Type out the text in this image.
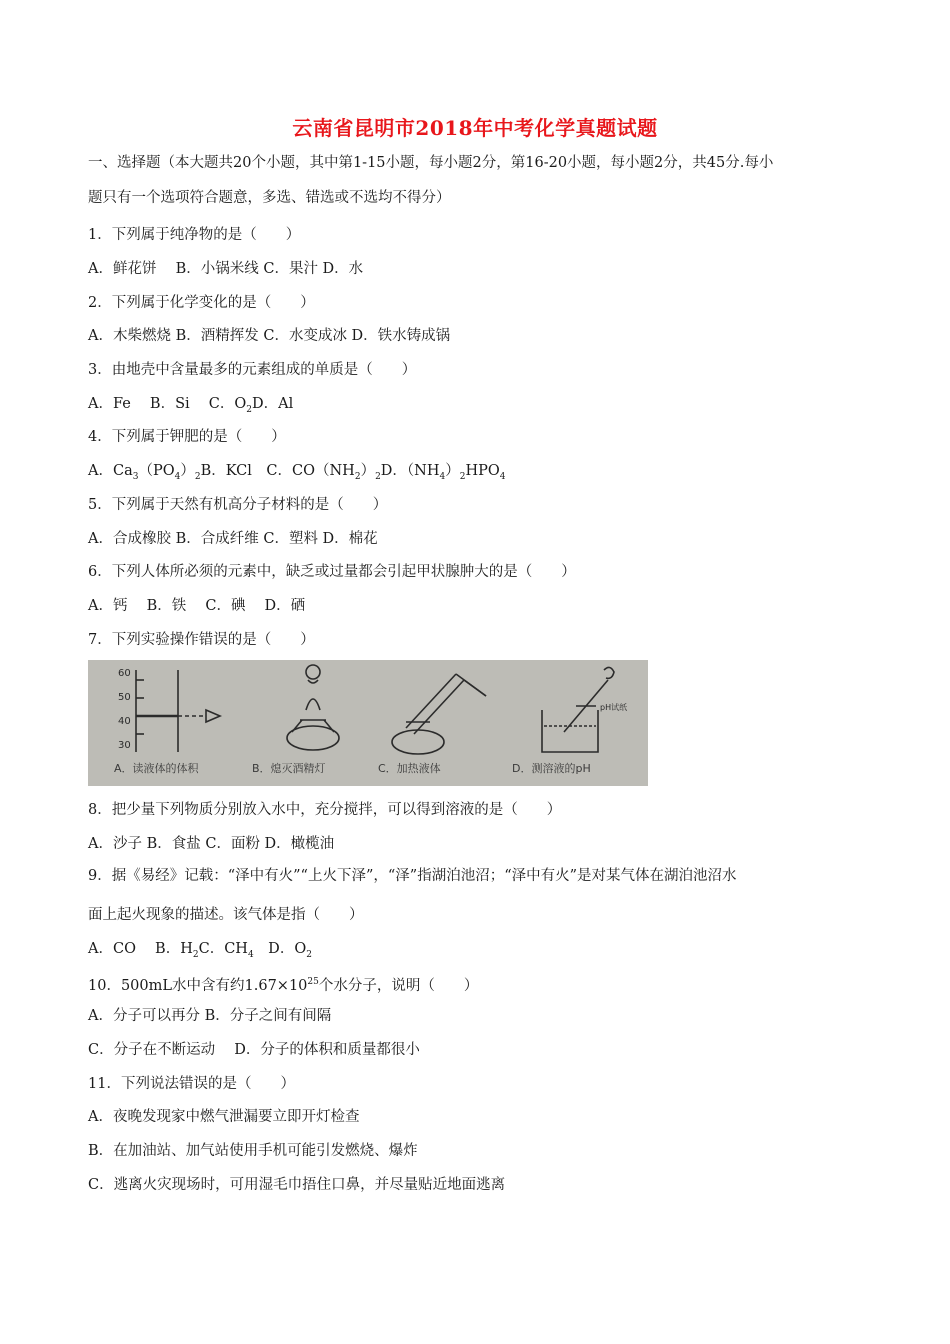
云南省昆明市2018年中考化学真题试题
一、选择题（本大题共20个小题，其中第1-15小题，每小题2分，第16-20小题，每小题2分，共45分.每小
题只有一个选项符合题意，多选、错选或不选均不得分）
1．下列属于纯净物的是（　　）
A．鲜花饼　 B．小锅米线 C．果汁 D．水
2．下列属于化学变化的是（　　）
A．木柴燃烧 B．酒精挥发 C．水变成冰 D．铁水铸成锅
3．由地壳中含量最多的元素组成的单质是（　　）
A．Fe　 B．Si　 C．$O_2D$．Al
4．下列属于钾肥的是（　　）
A．$Ca_3(PO_4)_2B$．KCl　C．$CO(NH_2)_2D$．$(NH_4)_2HPO_4$
5．下列属于天然有机高分子材料的是（　　）
A．合成橡胶 B．合成纤维 C．塑料 D．棉花
6．下列人体所必须的元素中，缺乏或过量都会引起甲状腺肿大的是（　　）
A．钙　 B．铁　 C．碘　 D．硒
7．下列实验操作错误的是（　　）
60
50
40
30
pH试纸
A．读液体的体积	B．熄灭酒精灯	C．加热液体	D．测溶液的pH
8．把少量下列物质分别放入水中，充分搅拌，可以得到溶液的是（　　）
A．沙子 B．食盐 C．面粉 D．橄榄油
9．据《易经》记载：“泽中有火”“上火下泽”，“泽”指湖泊池沼；“泽中有火”是对某气体在湖泊池沼水
面上起火现象的描述。该气体是指（　　）
A．CO　 B．$H_2C$．$CH_4$　D．$O_2$
10．500mL水中含有约$1.67\times 10^{25}$个水分子，说明（　　）
A．分子可以再分 B．分子之间有间隔
C．分子在不断运动　 D．分子的体积和质量都很小
11．下列说法错误的是（　　）
A．夜晚发现家中燃气泄漏要立即开灯检查
B．在加油站、加气站使用手机可能引发燃烧、爆炸
C．逃离火灾现场时，可用湿毛巾捂住口鼻，并尽量贴近地面逃离
